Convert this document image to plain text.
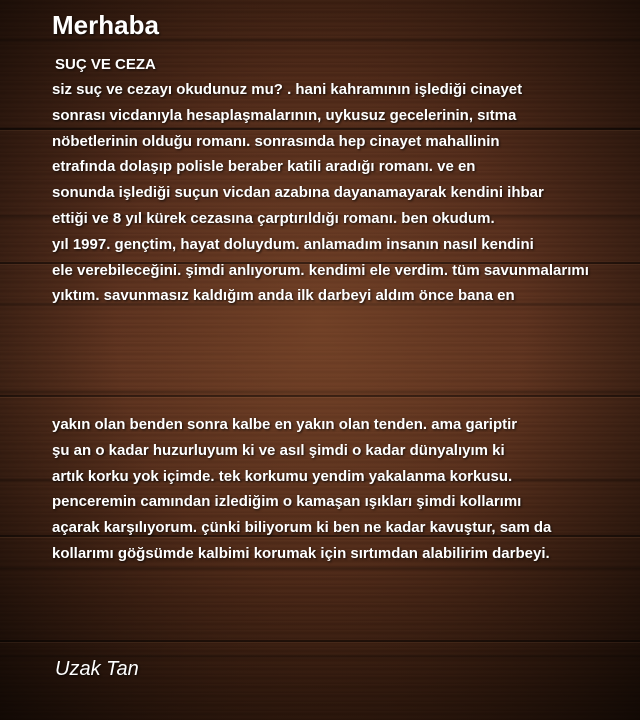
Merhaba
SUÇ VE CEZA
siz suç ve cezayı okudunuz mu? . hani kahramının işlediği cinayet
sonrası vicdanıyla hesaplaşmalarının, uykusuz gecelerinin, sıtma
nöbetlerinin olduğu romanı. sonrasında hep cinayet mahallinin
etrafında dolaşıp polisle beraber katili aradığı romanı. ve en
sonunda işlediği suçun vicdan azabına dayanamayarak kendini ihbar
ettiği ve 8 yıl kürek cezasına çarptırıldığı romanı. ben okudum.
yıl 1997. gençtim, hayat doluydum. anlamadım insanın nasıl kendini
ele verebileceğini. şimdi anlıyorum. kendimi ele verdim. tüm savunmalarımı
yıktım. savunmasız kaldığım anda ilk darbeyi aldım önce bana en
yakın olan benden sonra kalbe en yakın olan tenden. ama gariptir
şu an o kadar huzurluyum ki ve asıl şimdi o kadar dünyalıyım ki
artık korku yok içimde. tek korkumu yendim yakalanma korkusu.
penceremin camından izlediğim o kamaşan ışıkları şimdi kollarımı
açarak karşılıyorum. çünki biliyorum ki ben ne kadar kavuştur, sam da
kollarımı göğsümde kalbimi korumak için sırtımdan alabilirim darbeyi.
Uzak Tan
